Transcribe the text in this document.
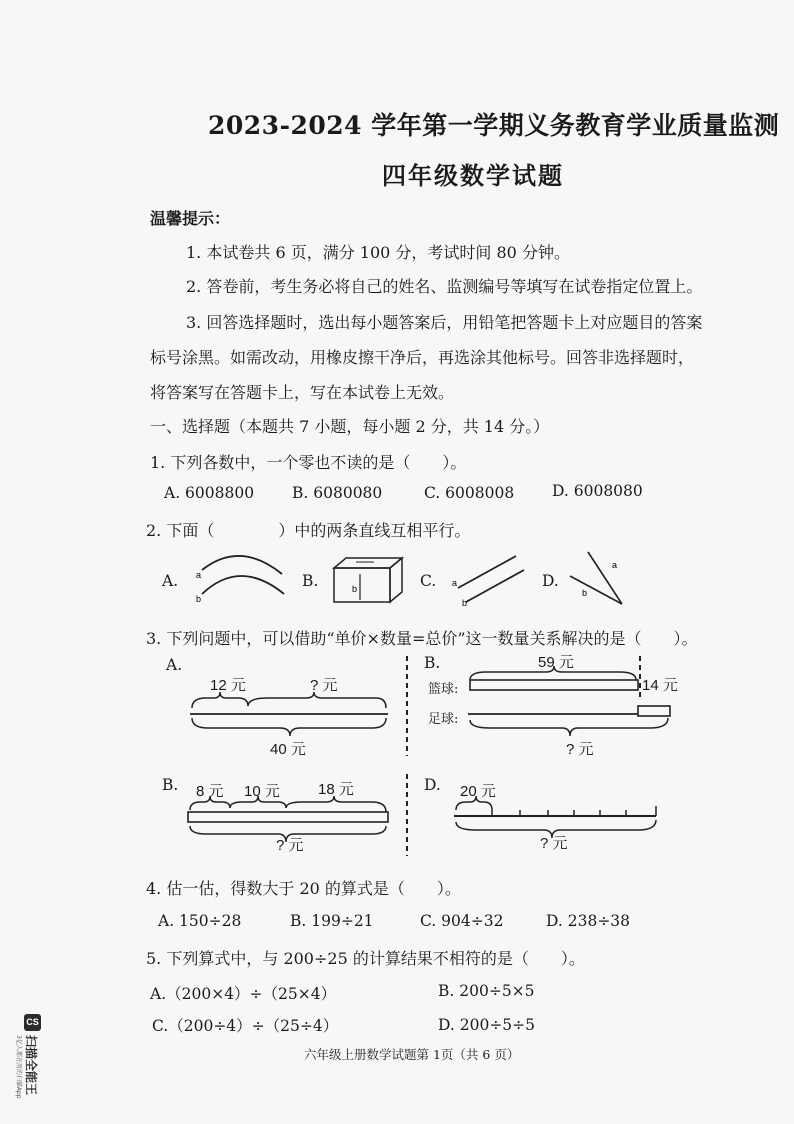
2023-2024 学年第一学期义务教育学业质量监测
四年级数学试题
温馨提示：
1. 本试卷共 6 页，满分 100 分，考试时间 80 分钟。
2. 答卷前，考生务必将自己的姓名、监测编号等填写在试卷指定位置上。
3. 回答选择题时，选出每小题答案后，用铅笔把答题卡上对应题目的答案
标号涂黑。如需改动，用橡皮擦干净后，再选涂其他标号。回答非选择题时，
将答案写在答题卡上，写在本试卷上无效。
一、选择题（本题共 7 小题，每小题 2 分，共 14 分。）
1. 下列各数中，一个零也不读的是（　　）。
A. 6008800 B. 6080080	C. 6008008 D. 6008080
2. 下面（　　　　）中的两条直线互相平行。
A. a
b
B.	b	C. a
b
D.
a
b
3. 下列问题中，可以借助“单价×数量=总价”这一数量关系解决的是（　　）。
A.
12 元	? 元
40 元
B.	59 元
14 元
篮球:
足球:
? 元
B. 8 元 10 元	18 元
? 元
D. 20 元
? 元
4. 估一估，得数大于 20 的算式是（　　）。
A. 150÷28	B. 199÷21	C. 904÷32	D. 238÷38
5. 下列算式中，与 200÷25 的计算结果不相符的是（　　）。
A.（200×4）÷（25×4）	B. 200÷5×5
C.（200÷4）÷（25÷4）	D. 200÷5÷5
六年级上册数学试题第 1页（共 6 页）
CS
扫描全能王
3亿人都在用的扫描App
